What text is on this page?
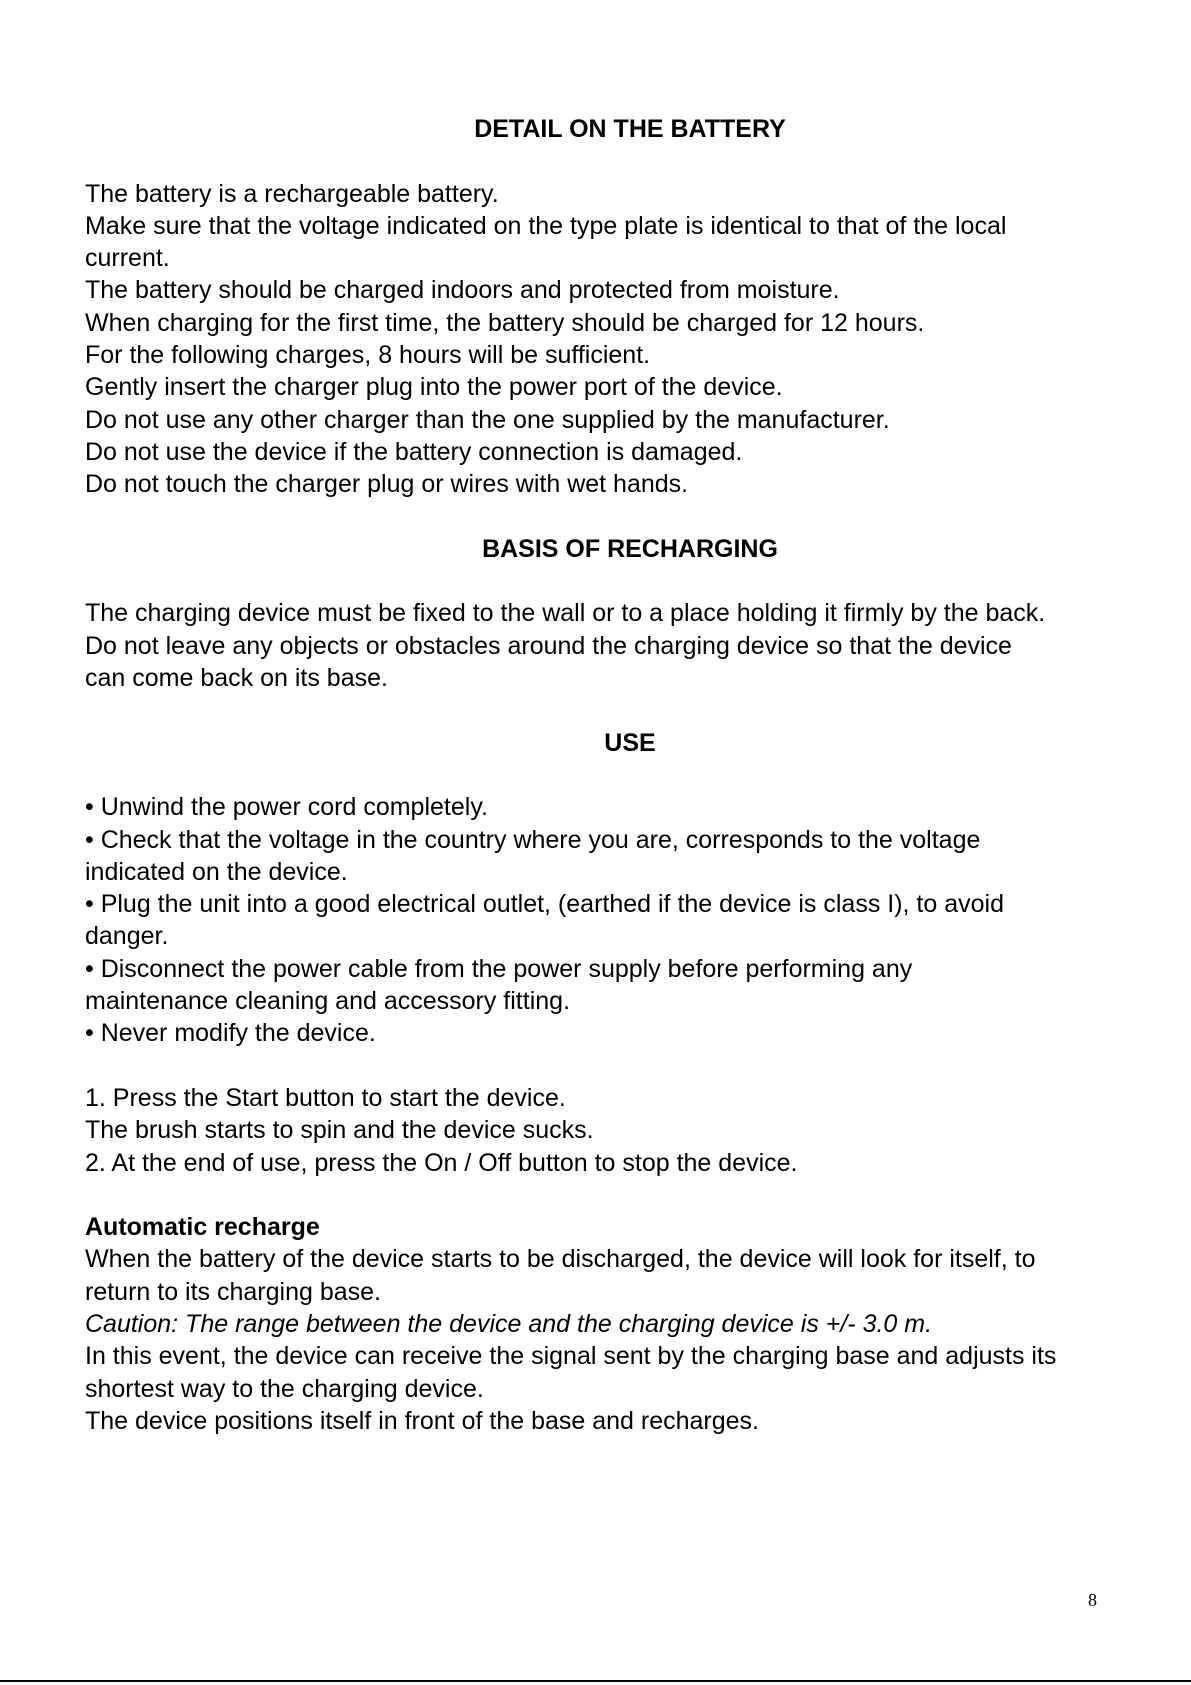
DETAIL ON THE BATTERY
The battery is a rechargeable battery.
Make sure that the voltage indicated on the type plate is identical to that of the local
current.
The battery should be charged indoors and protected from moisture.
When charging for the first time, the battery should be charged for 12 hours.
For the following charges, 8 hours will be sufficient.
Gently insert the charger plug into the power port of the device.
Do not use any other charger than the one supplied by the manufacturer.
Do not use the device if the battery connection is damaged.
Do not touch the charger plug or wires with wet hands.
BASIS OF RECHARGING
The charging device must be fixed to the wall or to a place holding it firmly by the back.
Do not leave any objects or obstacles around the charging device so that the device
can come back on its base.
USE
• Unwind the power cord completely.
• Check that the voltage in the country where you are, corresponds to the voltage
indicated on the device.
• Plug the unit into a good electrical outlet, (earthed if the device is class I), to avoid
danger.
• Disconnect the power cable from the power supply before performing any
maintenance cleaning and accessory fitting.
• Never modify the device.
1. Press the Start button to start the device.
The brush starts to spin and the device sucks.
2. At the end of use, press the On / Off button to stop the device.
Automatic recharge
When the battery of the device starts to be discharged, the device will look for itself, to
return to its charging base.
Caution: The range between the device and the charging device is +/- 3.0 m.
In this event, the device can receive the signal sent by the charging base and adjusts its
shortest way to the charging device.
The device positions itself in front of the base and recharges.
8
